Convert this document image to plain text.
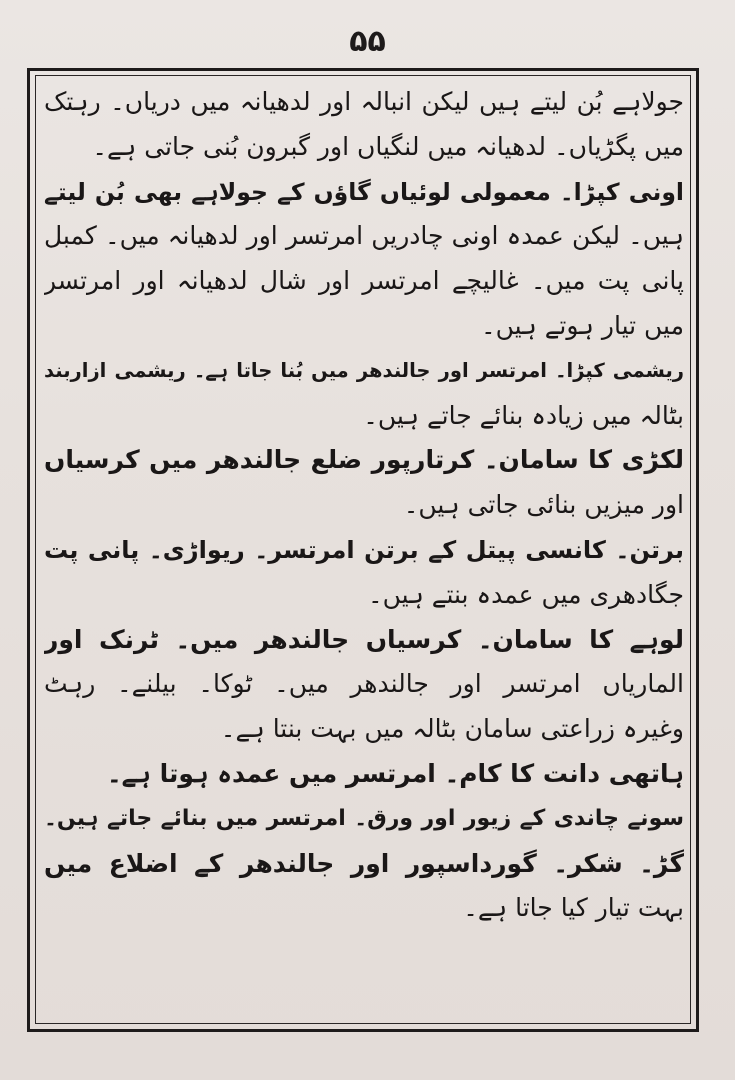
۵۵
جولاہے بُن لیتے ہیں لیکن انبالہ اور لدھیانہ میں دریاں۔ رہتک
میں پگڑیاں۔ لدھیانہ میں لنگیاں اور گبرون بُنی جاتی ہے۔
اونی کپڑا۔ معمولی لوئیاں گاؤں کے جولاہے بھی بُن لیتے
ہیں۔ لیکن عمدہ اونی چادریں امرتسر اور لدھیانہ میں۔ کمبل
پانی پت میں۔ غالیچے امرتسر اور شال لدھیانہ اور امرتسر
میں تیار ہوتے ہیں۔
ریشمی کپڑا۔ امرتسر اور جالندھر میں بُنا جاتا ہے۔ ریشمی ازاربند
بٹالہ میں زیادہ بنائے جاتے ہیں۔
لکڑی کا سامان۔ کرتارپور ضلع جالندھر میں کرسیاں
اور میزیں بنائی جاتی ہیں۔
برتن۔ کانسی پیتل کے برتن امرتسر۔ ریواڑی۔ پانی پت
جگادھری میں عمدہ بنتے ہیں۔
لوہے کا سامان۔ کرسیاں جالندھر میں۔ ٹرنک اور
الماریاں امرتسر اور جالندھر میں۔ ٹوکا۔ بیلنے۔ رہٹ
وغیرہ زراعتی سامان بٹالہ میں بہت بنتا ہے۔
ہاتھی دانت کا کام۔ امرتسر میں عمدہ ہوتا ہے۔
سونے چاندی کے زیور اور ورق۔ امرتسر میں بنائے جاتے ہیں۔
گڑ۔ شکر۔ گورداسپور اور جالندھر کے اضلاع میں
بہت تیار کیا جاتا ہے۔
